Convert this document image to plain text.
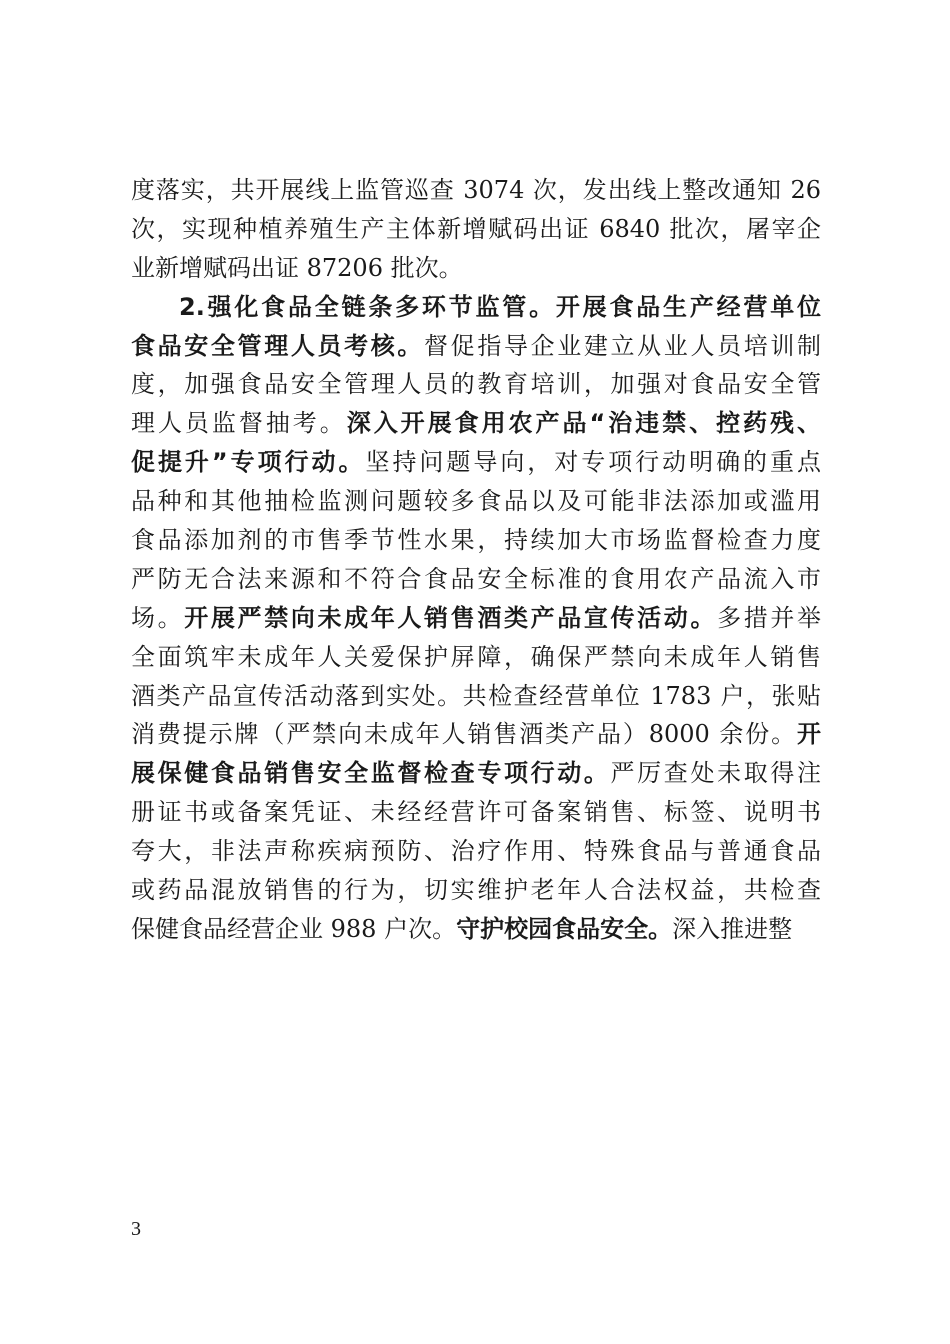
度落实，共开展线上监管巡查 3074 次，发出线上整改通知 26
次，实现种植养殖生产主体新增赋码出证 6840 批次，屠宰企
业新增赋码出证 87206 批次。
2.强化食品全链条多环节监管。开展食品生产经营单位
食品安全管理人员考核。督促指导企业建立从业人员培训制
度，加强食品安全管理人员的教育培训，加强对食品安全管
理人员监督抽考。深入开展食用农产品“治违禁、控药残、
促提升”专项行动。坚持问题导向，对专项行动明确的重点
品种和其他抽检监测问题较多食品以及可能非法添加或滥用
食品添加剂的市售季节性水果，持续加大市场监督检查力度
严防无合法来源和不符合食品安全标准的食用农产品流入市
场。开展严禁向未成年人销售酒类产品宣传活动。多措并举
全面筑牢未成年人关爱保护屏障，确保严禁向未成年人销售
酒类产品宣传活动落到实处。共检查经营单位 1783 户，张贴
消费提示牌（严禁向未成年人销售酒类产品）8000 余份。开
展保健食品销售安全监督检查专项行动。严厉查处未取得注
册证书或备案凭证、未经经营许可备案销售、标签、说明书
夸大，非法声称疾病预防、治疗作用、特殊食品与普通食品
或药品混放销售的行为，切实维护老年人合法权益，共检查
保健食品经营企业 988 户次。守护校园食品安全。深入推进整
3
